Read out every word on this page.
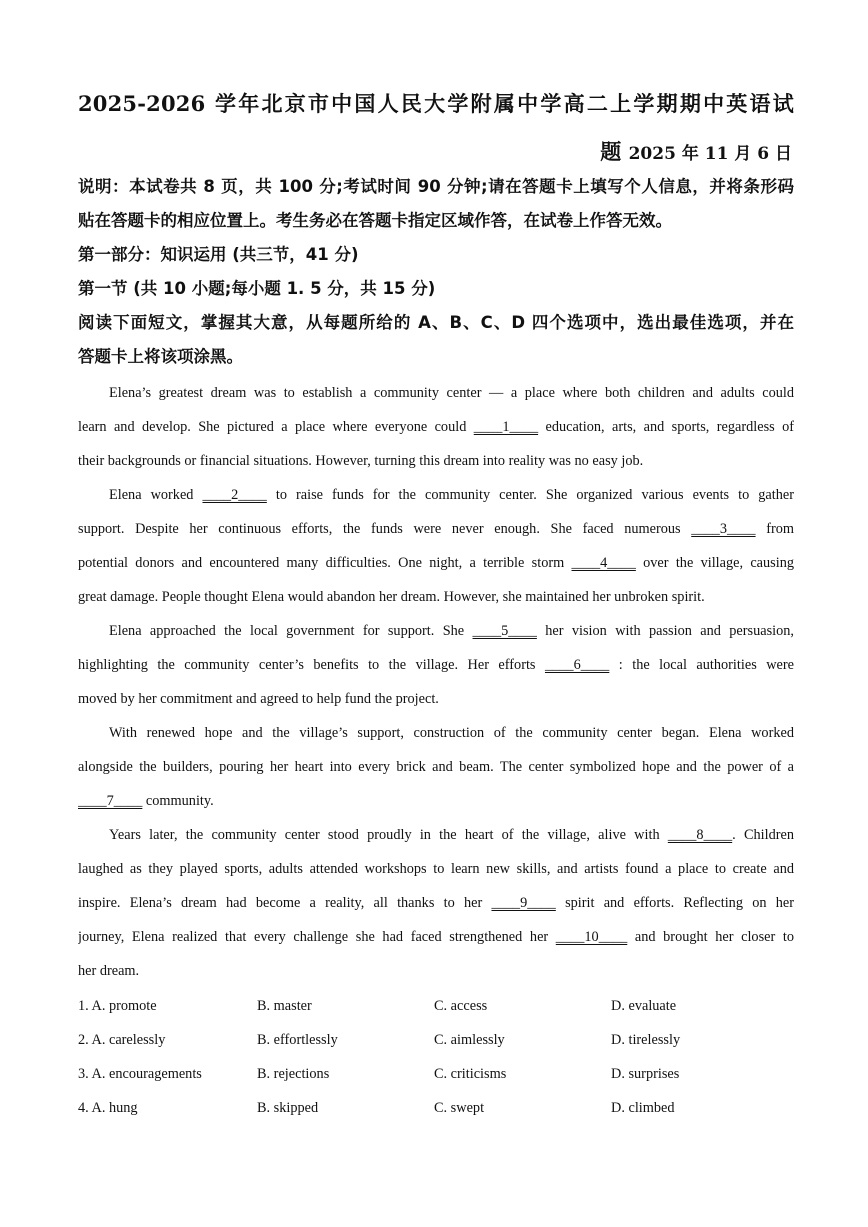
2025-2026 学年北京市中国人民大学附属中学高二上学期期中英语试
题 2025 年 11 月 6 日
说明：本试卷共 8 页，共 100 分;考试时间 90 分钟;请在答题卡上填写个人信息，并将条形码
贴在答题卡的相应位置上。考生务必在答题卡指定区域作答，在试卷上作答无效。
第一部分：知识运用 (共三节，41 分)
第一节 (共 10 小题;每小题 1. 5 分，共 15 分)
阅读下面短文，掌握其大意，从每题所给的 A、B、C、D 四个选项中，选出最佳选项，并在
答题卡上将该项涂黑。
Elena’s greatest dream was to establish a community center — a place where both children and adults could
learn and develop. She pictured a place where everyone could ____1____ education, arts, and sports, regardless of
their backgrounds or financial situations. However, turning this dream into reality was no easy job.
Elena worked ____2____ to raise funds for the community center. She organized various events to gather
support. Despite her continuous efforts, the funds were never enough. She faced numerous ____3____ from
potential donors and encountered many difficulties. One night, a terrible storm ____4____ over the village, causing
great damage. People thought Elena would abandon her dream. However, she maintained her unbroken spirit.
Elena approached the local government for support. She ____5____ her vision with passion and persuasion,
highlighting the community center’s benefits to the village. Her efforts ____6____ : the local authorities were
moved by her commitment and agreed to help fund the project.
With renewed hope and the village’s support, construction of the community center began. Elena worked
alongside the builders, pouring her heart into every brick and beam. The center symbolized hope and the power of a
____7____ community.
Years later, the community center stood proudly in the heart of the village, alive with ____8____. Children
laughed as they played sports, adults attended workshops to learn new skills, and artists found a place to create and
inspire. Elena’s dream had become a reality, all thanks to her ____9____ spirit and efforts. Reflecting on her
journey, Elena realized that every challenge she had faced strengthened her ____10____ and brought her closer to
her dream.
1. A. promote	B. master	C. access	D. evaluate
2. A. carelessly	B. effortlessly	C. aimlessly	D. tirelessly
3. A. encouragements	B. rejections	C. criticisms	D. surprises
4. A. hung	B. skipped	C. swept	D. climbed
